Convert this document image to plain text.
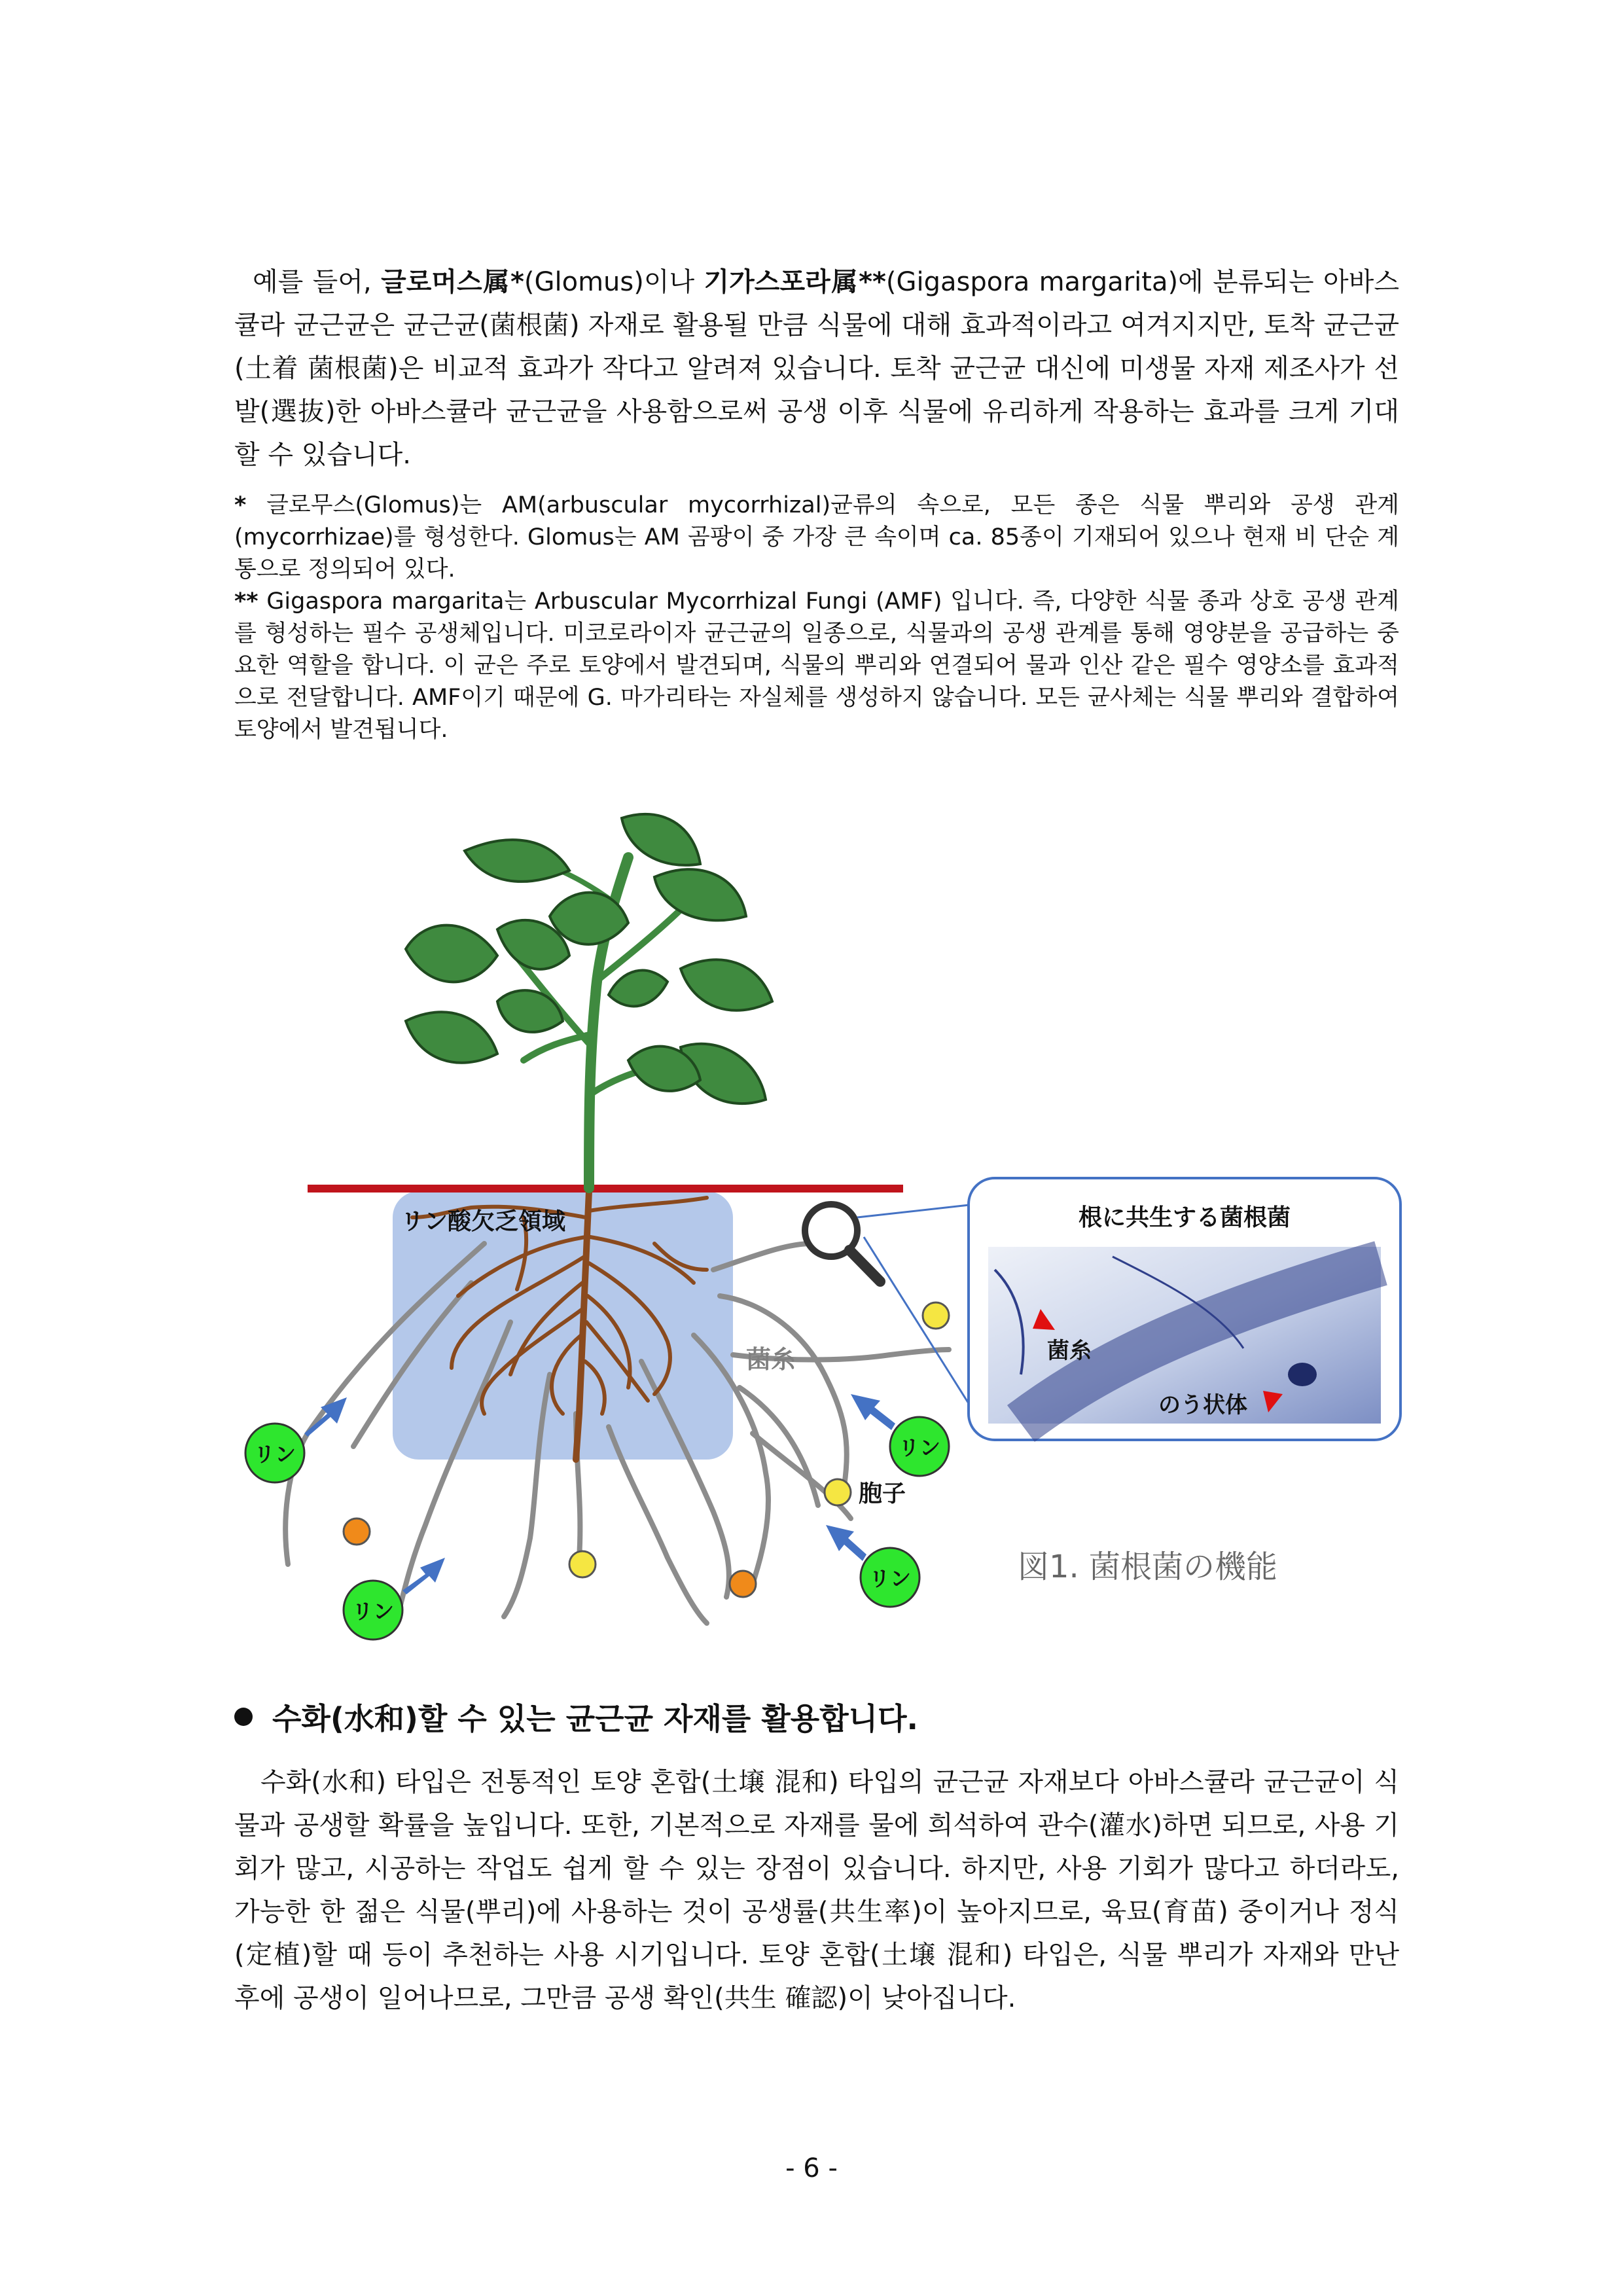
예를 들어, 글로머스属*(Glomus)이나 기가스포라属**(Gigaspora margarita)에 분류되는 아바스큘라 균근균은 균근균(菌根菌) 자재로 활용될 만큼 식물에 대해 효과적이라고 여겨지지만, 토착 균근균(土着 菌根菌)은 비교적 효과가 작다고 알려져 있습니다. 토착 균근균 대신에 미생물 자재 제조사가 선발(選抜)한 아바스큘라 균근균을 사용함으로써 공생 이후 식물에 유리하게 작용하는 효과를 크게 기대할 수 있습니다.

* 글로무스(Glomus)는 AM(arbuscular mycorrhizal)균류의 속으로, 모든 종은 식물 뿌리와 공생 관계(mycorrhizae)를 형성한다. Glomus는 AM 곰팡이 중 가장 큰 속이며 ca. 85종이 기재되어 있으나 현재 비 단순 계통으로 정의되어 있다.

** Gigaspora margarita는 Arbuscular Mycorrhizal Fungi (AMF) 입니다. 즉, 다양한 식물 종과 상호 공생 관계를 형성하는 필수 공생체입니다. 미코로라이자 균근균의 일종으로, 식물과의 공생 관계를 통해 영양분을 공급하는 중요한 역할을 합니다. 이 균은 주로 토양에서 발견되며, 식물의 뿌리와 연결되어 물과 인산 같은 필수 영양소를 효과적으로 전달합니다. AMF이기 때문에 G. 마가리타는 자실체를 생성하지 않습니다. 모든 균사체는 식물 뿌리와 결합하여 토양에서 발견됩니다.

根に共生する菌根菌
菌糸
のう状体
リン酸欠乏領域
菌糸
胞子
リン	リン
リン
リン
図1. 菌根菌の機能
수화(水和)할 수 있는 균근균 자재를 활용합니다.

수화(水和) 타입은 전통적인 토양 혼합(土壌 混和) 타입의 균근균 자재보다 아바스큘라 균근균이 식물과 공생할 확률을 높입니다. 또한, 기본적으로 자재를 물에 희석하여 관수(灌水)하면 되므로, 사용 기회가 많고, 시공하는 작업도 쉽게 할 수 있는 장점이 있습니다. 하지만, 사용 기회가 많다고 하더라도, 가능한 한 젊은 식물(뿌리)에 사용하는 것이 공생률(共生率)이 높아지므로, 육묘(育苗) 중이거나 정식(定植)할 때 등이 추천하는 사용 시기입니다. 토양 혼합(土壌 混和) 타입은, 식물 뿌리가 자재와 만난 후에 공생이 일어나므로, 그만큼 공생 확인(共生 確認)이 낮아집니다.

- 6 -
